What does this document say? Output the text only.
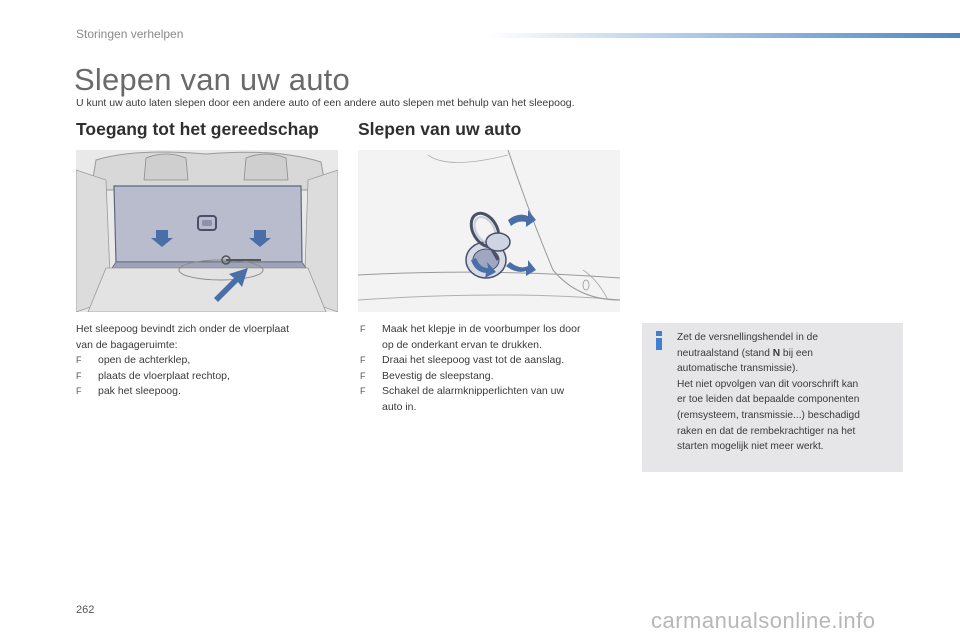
Storingen verhelpen
Slepen van uw auto
U kunt uw auto laten slepen door een andere auto of een andere auto slepen met behulp van het sleepoog.
Toegang tot het gereedschap Slepen van uw auto
Het sleepoog bevindt zich onder de vloerplaat
van de bagageruimte:
F open de achterklep,
F plaats de vloerplaat rechtop,
F pak het sleepoog.
F Maak het klepje in de voorbumper los door
op de onderkant ervan te drukken.
F Draai het sleepoog vast tot de aanslag.
F Bevestig de sleepstang.
F Schakel de alarmknipperlichten van uw
auto in.
Zet de versnellingshendel in de
neutraalstand (stand N bij een
automatische transmissie).
Het niet opvolgen van dit voorschrift kan
er toe leiden dat bepaalde componenten
(remsysteem, transmissie...) beschadigd
raken en dat de rembekrachtiger na het
starten mogelijk niet meer werkt.
262	carmanualsonline.info
